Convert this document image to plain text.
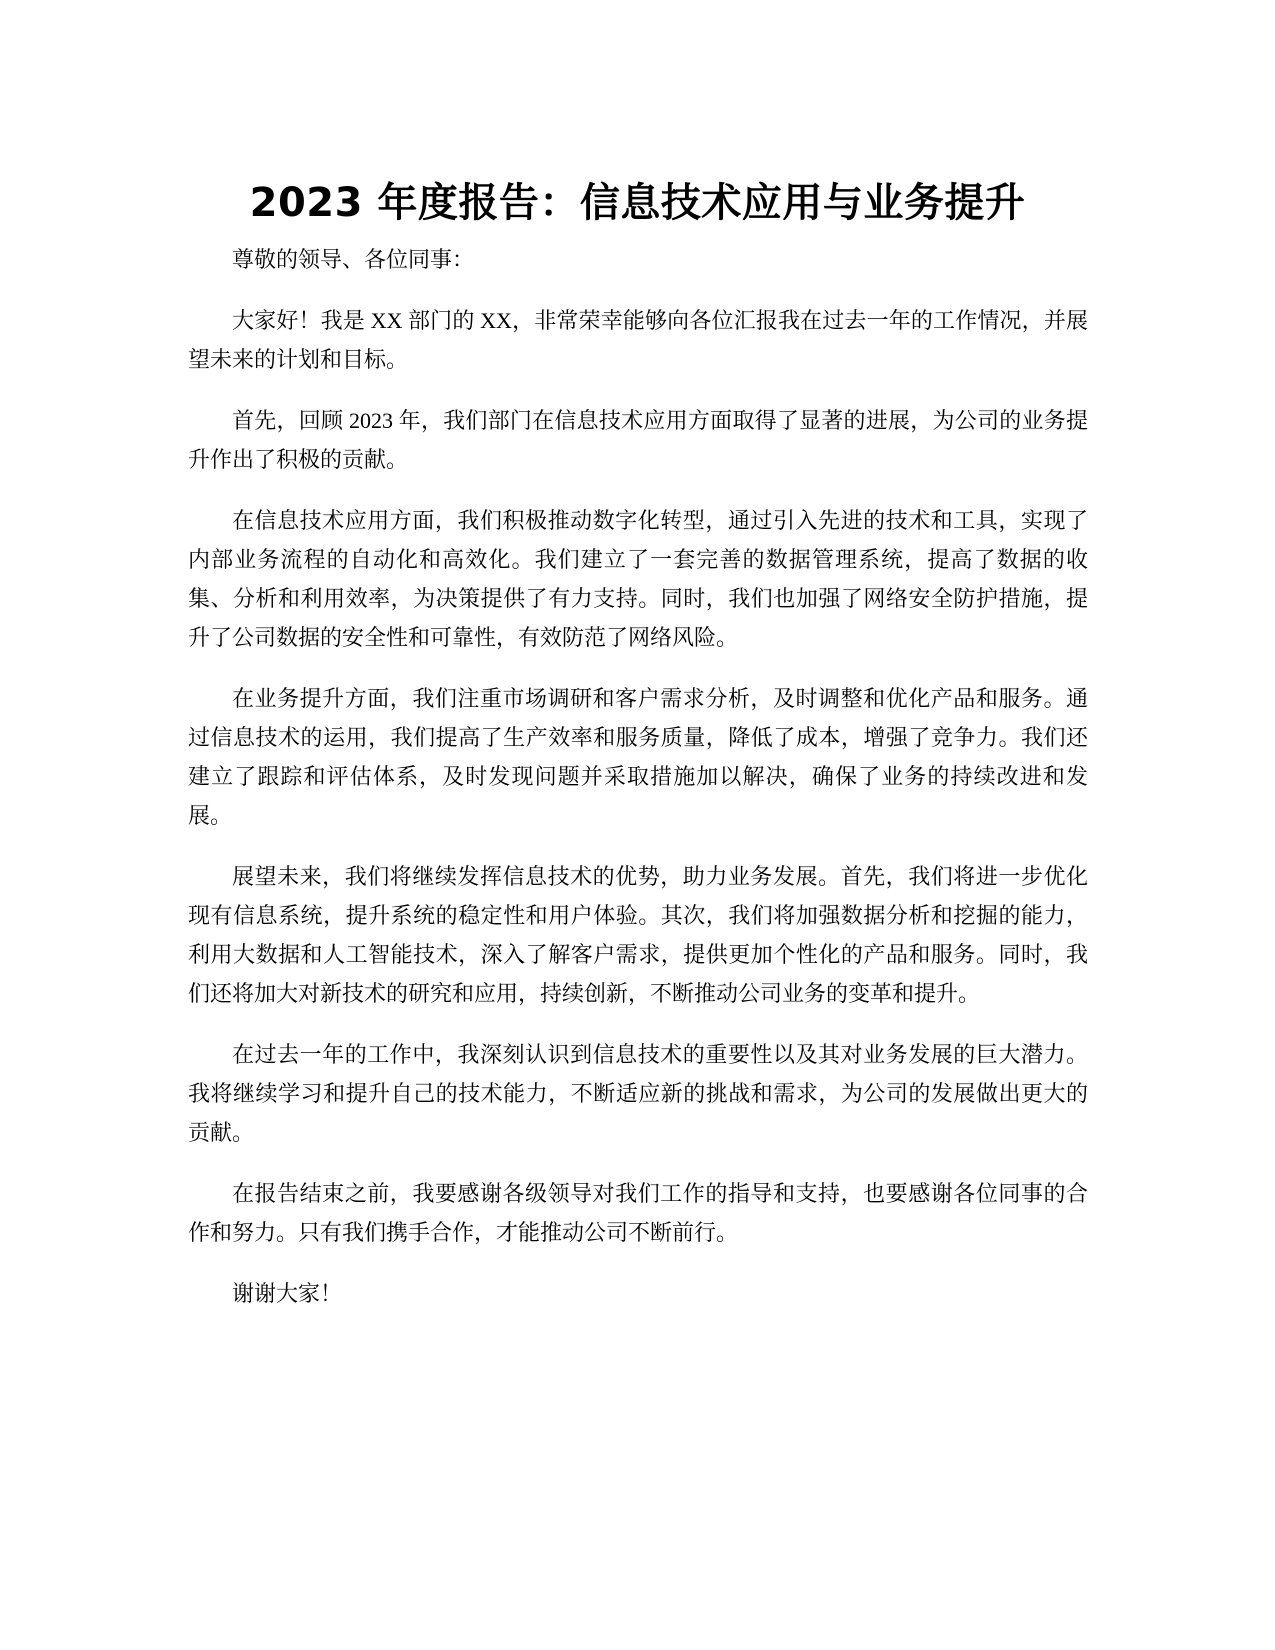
2023 年度报告：信息技术应用与业务提升

尊敬的领导、各位同事：

大家好！我是 XX 部门的 XX，非常荣幸能够向各位汇报我在过去一年的工作情况，并展望未来的计划和目标。

首先，回顾 2023 年，我们部门在信息技术应用方面取得了显著的进展，为公司的业务提升作出了积极的贡献。

在信息技术应用方面，我们积极推动数字化转型，通过引入先进的技术和工具，实现了内部业务流程的自动化和高效化。我们建立了一套完善的数据管理系统，提高了数据的收集、分析和利用效率，为决策提供了有力支持。同时，我们也加强了网络安全防护措施，提升了公司数据的安全性和可靠性，有效防范了网络风险。

在业务提升方面，我们注重市场调研和客户需求分析，及时调整和优化产品和服务。通过信息技术的运用，我们提高了生产效率和服务质量，降低了成本，增强了竞争力。我们还建立了跟踪和评估体系，及时发现问题并采取措施加以解决，确保了业务的持续改进和发展。

展望未来，我们将继续发挥信息技术的优势，助力业务发展。首先，我们将进一步优化现有信息系统，提升系统的稳定性和用户体验。其次，我们将加强数据分析和挖掘的能力，利用大数据和人工智能技术，深入了解客户需求，提供更加个性化的产品和服务。同时，我们还将加大对新技术的研究和应用，持续创新，不断推动公司业务的变革和提升。

在过去一年的工作中，我深刻认识到信息技术的重要性以及其对业务发展的巨大潜力。我将继续学习和提升自己的技术能力，不断适应新的挑战和需求，为公司的发展做出更大的贡献。

在报告结束之前，我要感谢各级领导对我们工作的指导和支持，也要感谢各位同事的合作和努力。只有我们携手合作，才能推动公司不断前行。

谢谢大家！
